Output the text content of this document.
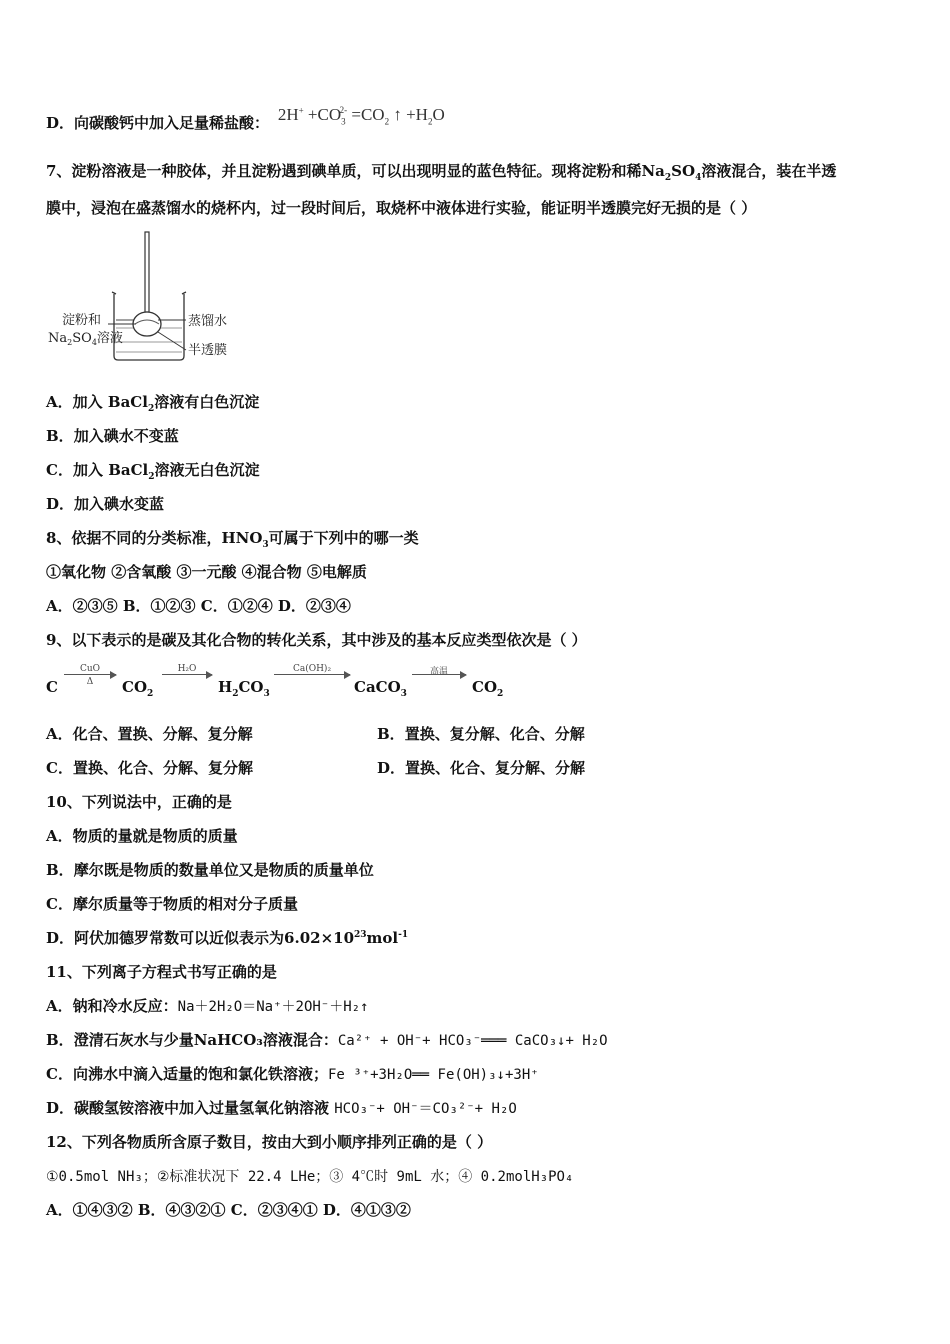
D．向碳酸钙中加入足量稀盐酸： $2H^+ +CO_3^{2-} =CO_2$ ↑ $+H_2O$
7、淀粉溶液是一种胶体，并且淀粉遇到碘单质，可以出现明显的蓝色特征。现将淀粉和稀$Na_2SO_4$溶液混合，装在半透
膜中，浸泡在盛蒸馏水的烧杯内，过一段时间后，取烧杯中液体进行实验，能证明半透膜完好无损的是（ ）
淀粉和
$Na_2SO_4$溶液
蒸馏水
半透膜
A．加入 BaCl$_2$溶液有白色沉淀
B．加入碘水不变蓝
C．加入 BaCl$_2$溶液无白色沉淀
D．加入碘水变蓝
8、依据不同的分类标准，$HNO_3$可属于下列中的哪一类
①氧化物 ②含氧酸 ③一元酸 ④混合物 ⑤电解质
A．②③⑤ B．①②③ C．①②④ D．②③④
9、以下表示的是碳及其化合物的转化关系，其中涉及的基本反应类型依次是（ ）
C
CuO
Δ	$CO_2$
H₂O
$H_2CO_3$
Ca(OH)₂
CaCO$_3$
高温
$CO_2$
A．化合、置换、分解、复分解	B．置换、复分解、化合、分解
C．置换、化合、分解、复分解	D．置换、化合、复分解、分解
10、下列说法中，正确的是
A．物质的量就是物质的质量
B．摩尔既是物质的数量单位又是物质的质量单位
C．摩尔质量等于物质的相对分子质量
D．阿伏加德罗常数可以近似表示为$6.02\times 10^{23}mol^{-1}$
11、下列离子方程式书写正确的是
A．钠和冷水反应：Na＋2H₂O＝Na⁺＋2OH⁻＋H₂↑
B．澄清石灰水与少量NaHCO₃溶液混合：Ca²⁺ + OH⁻+ HCO₃⁻═══ CaCO₃↓+ H₂O
C．向沸水中滴入适量的饱和氯化铁溶液；Fe ³⁺+3H₂O══ Fe(OH)₃↓+3H⁺
D．碳酸氢铵溶液中加入过量氢氧化钠溶液 HCO₃⁻+ OH⁻＝CO₃²⁻+ H₂O
12、下列各物质所含原子数目，按由大到小顺序排列正确的是（ ）
①0.5mol NH₃；②标准状况下 22.4 LHe；③ 4℃时 9mL 水；④ 0.2molH₃PO₄
A．①④③② B．④③②① C．②③④① D．④①③②
